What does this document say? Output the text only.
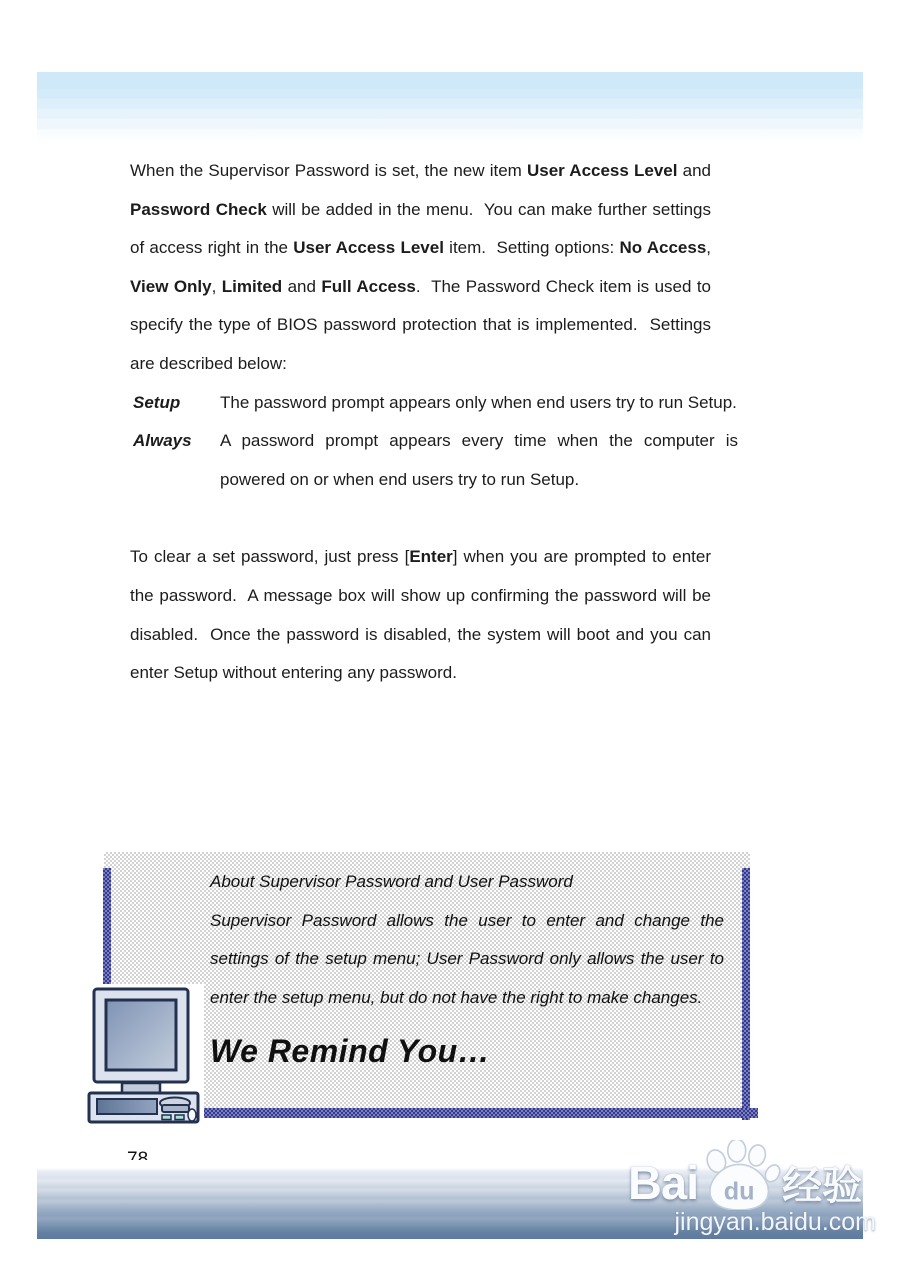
When the Supervisor Password is set, the new item User Access Level and Password Check will be added in the menu.  You can make further settings of access right in the User Access Level item.  Setting options: No Access, View Only, Limited and Full Access.  The Password Check item is used to specify the type of BIOS password protection that is implemented.  Settings are described below:

Setup	The password prompt appears only when end users try to run Setup.
Always	A password prompt appears every time when the computer is powered on or when end users try to run Setup.

To clear a set password, just press [Enter] when you are prompted to enter the password.  A message box will show up confirming the password will be disabled.  Once the password is disabled, the system will boot and you can enter Setup without entering any password.

About Supervisor Password and User Password
Supervisor Password allows the user to enter and change the settings of the setup menu; User Password only allows the user to enter the setup menu, but do not have the right to make changes.
We Remind You…
Bai du 经验
jingyan.baidu.com
